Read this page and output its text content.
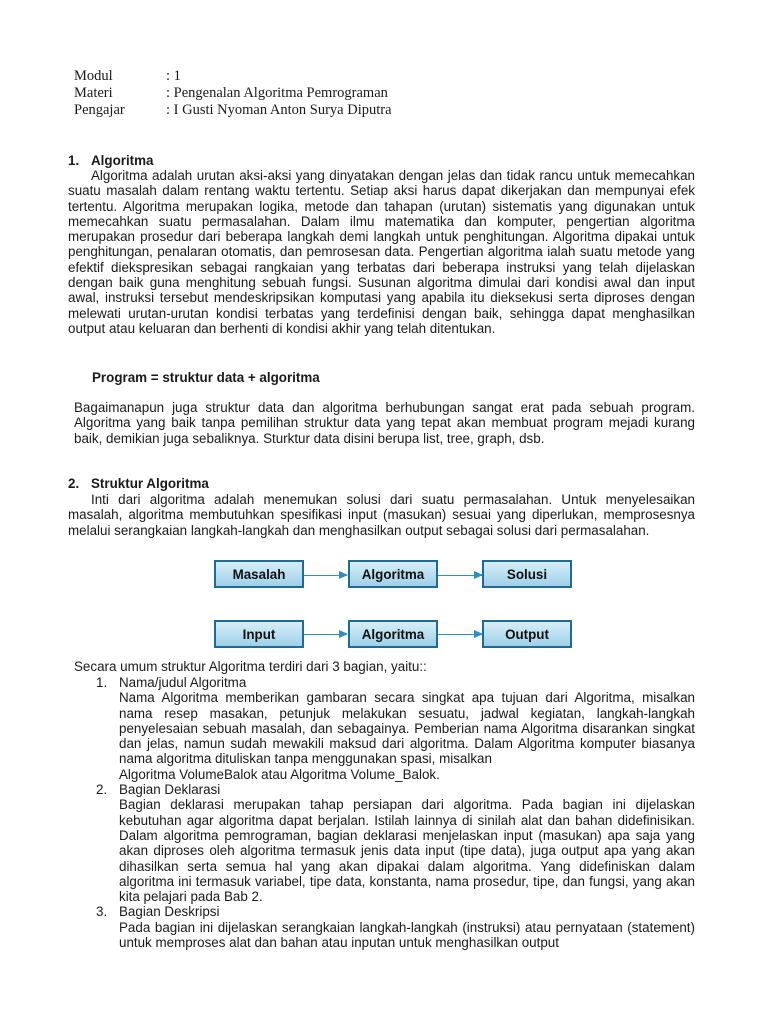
Modul	: 1
Materi	: Pengenalan Algoritma Pemrograman
Pengajar	: I Gusti Nyoman Anton Surya Diputra
1. Algoritma
Algoritma adalah urutan aksi-aksi yang dinyatakan dengan jelas dan tidak rancu untuk memecahkan suatu masalah dalam rentang waktu tertentu. Setiap aksi harus dapat dikerjakan dan mempunyai efek tertentu. Algoritma merupakan logika, metode dan tahapan (urutan) sistematis yang digunakan untuk memecahkan suatu permasalahan. Dalam ilmu matematika dan komputer, pengertian algoritma merupakan prosedur dari beberapa langkah demi langkah untuk penghitungan. Algoritma dipakai untuk penghitungan, penalaran otomatis, dan pemrosesan data. Pengertian algoritma ialah suatu metode yang efektif diekspresikan sebagai rangkaian yang terbatas dari beberapa instruksi yang telah dijelaskan dengan baik guna menghitung sebuah fungsi. Susunan algoritma dimulai dari kondisi awal dan input awal, instruksi tersebut mendeskripsikan komputasi yang apabila itu dieksekusi serta diproses dengan melewati urutan-urutan kondisi terbatas yang terdefinisi dengan baik, sehingga dapat menghasilkan output atau keluaran dan berhenti di kondisi akhir yang telah ditentukan.
Program = struktur data + algoritma
Bagaimanapun juga struktur data dan algoritma berhubungan sangat erat pada sebuah program. Algoritma yang baik tanpa pemilihan struktur data yang tepat akan membuat program mejadi kurang baik, demikian juga sebaliknya. Sturktur data disini berupa list, tree, graph, dsb.
2. Struktur Algoritma
Inti dari algoritma adalah menemukan solusi dari suatu permasalahan. Untuk menyelesaikan masalah, algoritma membutuhkan spesifikasi input (masukan) sesuai yang diperlukan, memprosesnya melalui serangkaian langkah-langkah dan menghasilkan output sebagai solusi dari permasalahan.
Masalah	Algoritma	Solusi
Input	Algoritma	Output
Secara umum struktur Algoritma terdiri dari 3 bagian, yaitu::
1. Nama/judul Algoritma
Nama Algoritma memberikan gambaran secara singkat apa tujuan dari Algoritma, misalkan nama resep masakan, petunjuk melakukan sesuatu, jadwal kegiatan, langkah-langkah penyelesaian sebuah masalah, dan sebagainya. Pemberian nama Algoritma disarankan singkat dan jelas, namun sudah mewakili maksud dari algoritma. Dalam Algoritma komputer biasanya nama algoritma dituliskan tanpa menggunakan spasi, misalkan
Algoritma VolumeBalok atau Algoritma Volume_Balok.
2. Bagian Deklarasi
Bagian deklarasi merupakan tahap persiapan dari algoritma. Pada bagian ini dijelaskan kebutuhan agar algoritma dapat berjalan. Istilah lainnya di sinilah alat dan bahan didefinisikan. Dalam algoritma pemrograman, bagian deklarasi menjelaskan input (masukan) apa saja yang akan diproses oleh algoritma termasuk jenis data input (tipe data), juga output apa yang akan dihasilkan serta semua hal yang akan dipakai dalam algoritma. Yang didefiniskan dalam algoritma ini termasuk variabel, tipe data, konstanta, nama prosedur, tipe, dan fungsi, yang akan kita pelajari pada Bab 2.
3. Bagian Deskripsi
Pada bagian ini dijelaskan serangkaian langkah-langkah (instruksi) atau pernyataan (statement) untuk memproses alat dan bahan atau inputan untuk menghasilkan output
